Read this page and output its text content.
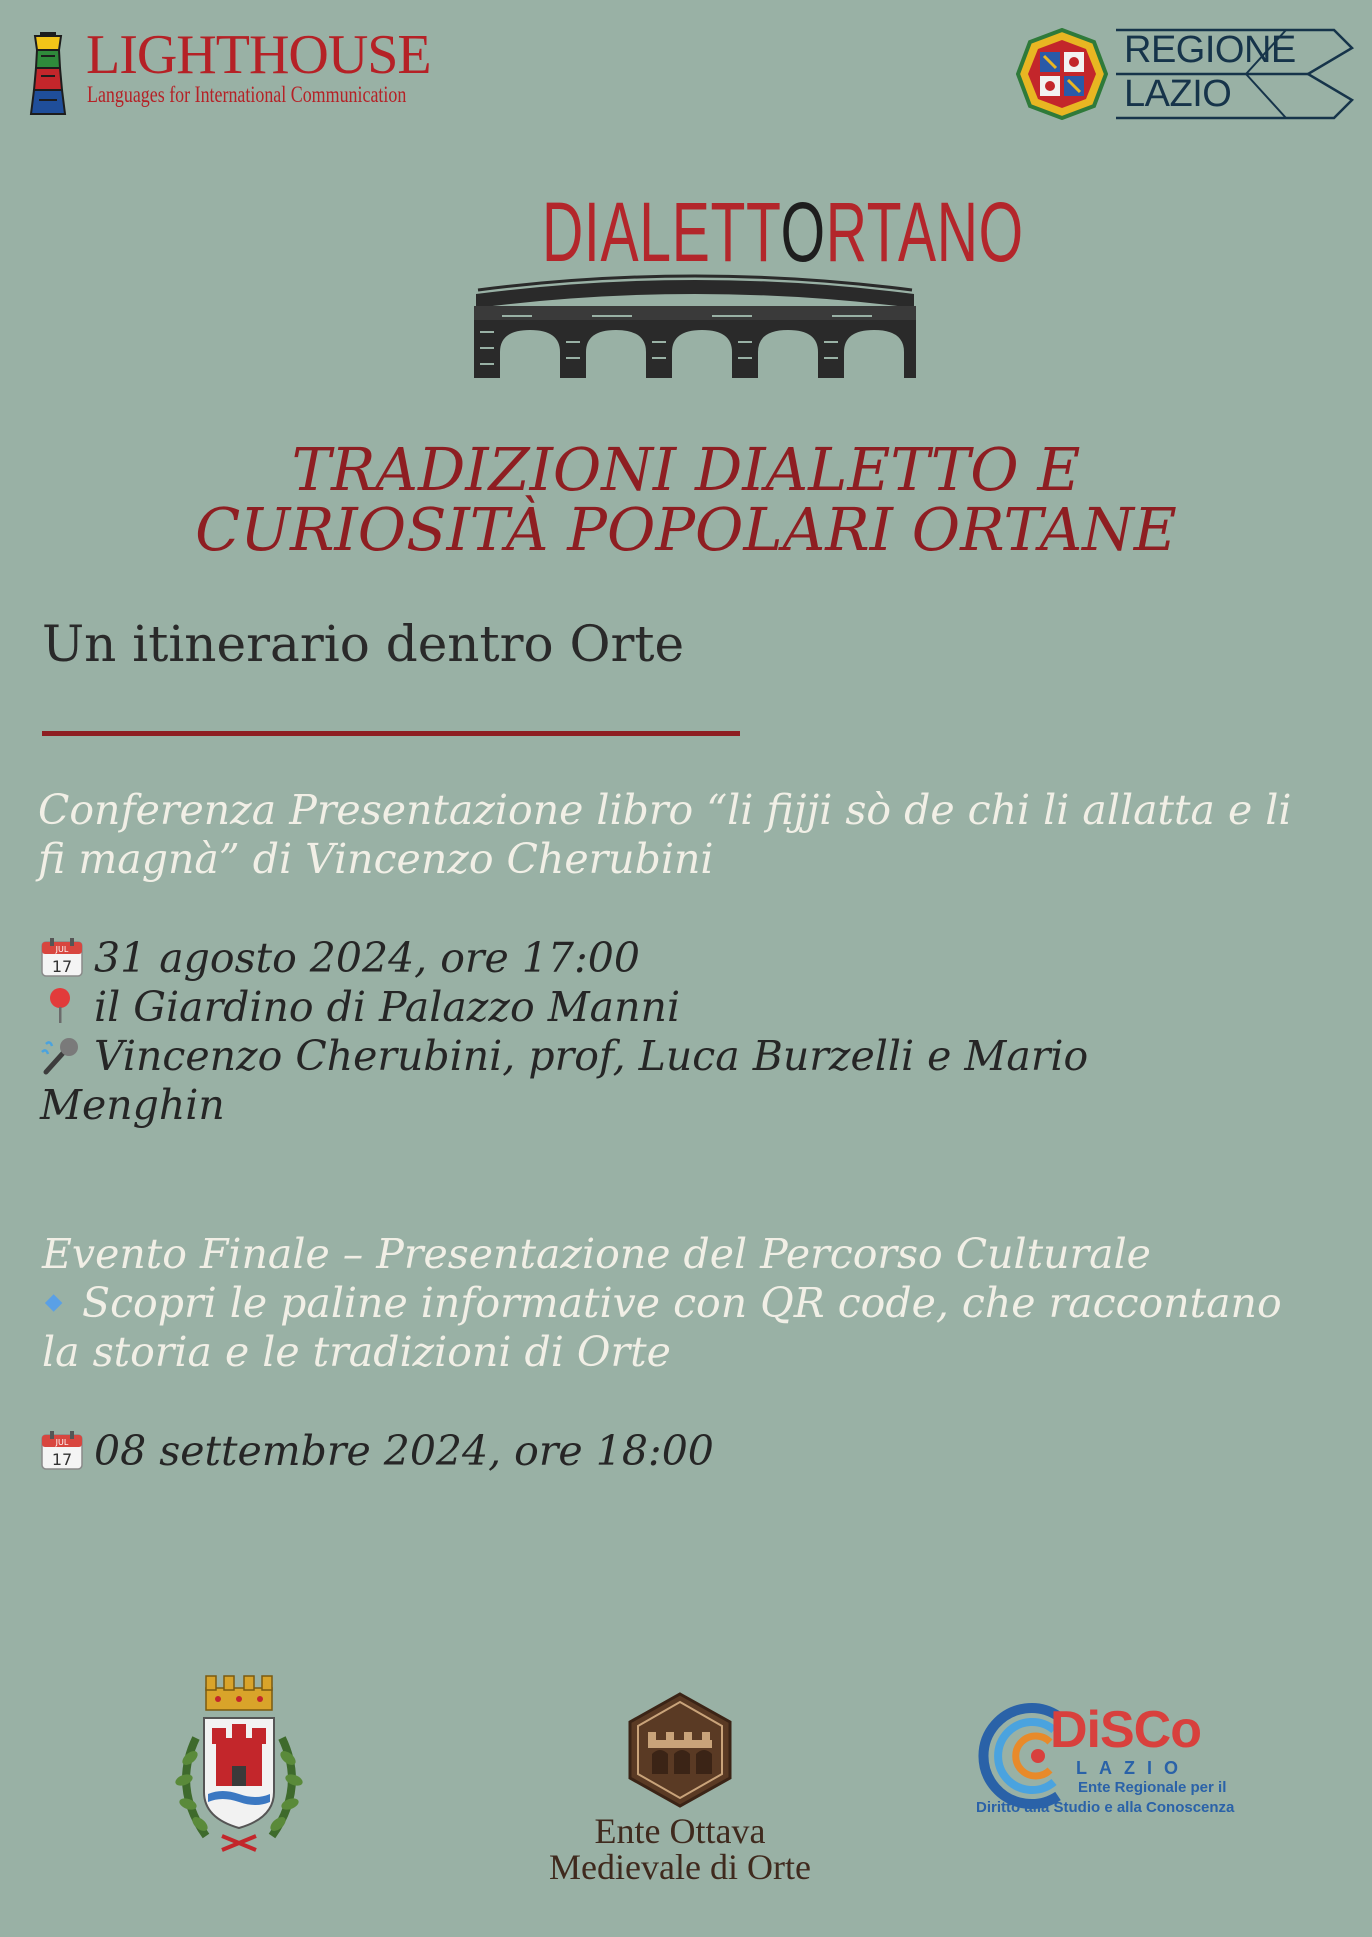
LIGHTHOUSE
Languages for International Communication
REGIONE
LAZIO
DIALETTORTANO
TRADIZIONI DIALETTO E
CURIOSITÀ POPOLARI ORTANE
Un itinerario dentro Orte
Conferenza Presentazione libro “li fijji sò de chi li allatta e li
fi magnà” di Vincenzo Cherubini
JUL
17 31 agosto 2024, ore 17:00
il Giardino di Palazzo Manni
Vincenzo Cherubini, prof, Luca Burzelli e Mario
Menghin
Evento Finale – Presentazione del Percorso Culturale
Scopri le paline informative con QR code, che raccontano
la storia e le tradizioni di Orte
JUL
17 08 settembre 2024, ore 18:00
Ente Ottava
Medievale di Orte
DiSCo
LAZIO
Ente Regionale per il
Diritto alla Studio e alla Conoscenza
